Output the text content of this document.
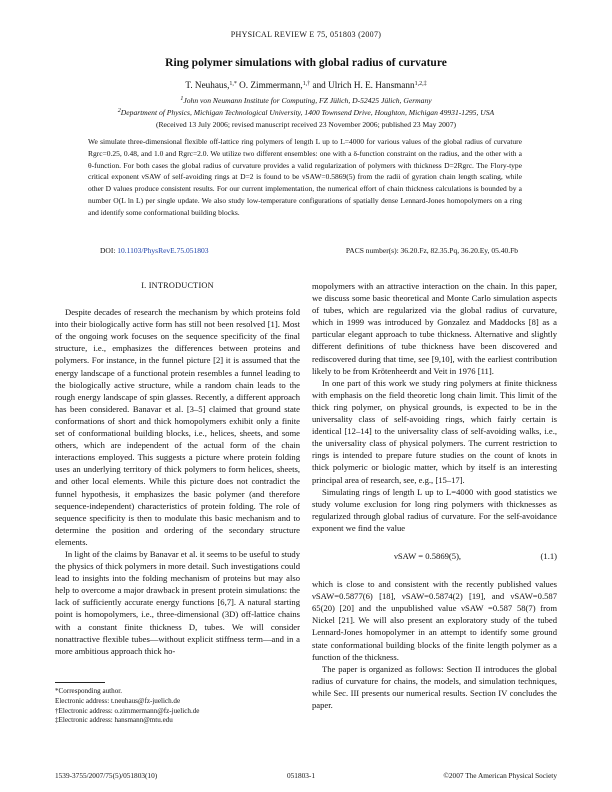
PHYSICAL REVIEW E 75, 051803 (2007)
Ring polymer simulations with global radius of curvature
T. Neuhaus,$^{1,*}$ O. Zimmermann,$^{1,\dagger}$ and Ulrich H. E. Hansmann$^{1,2,\ddagger}$
$^1$John von Neumann Institute for Computing, FZ Jülich, D-52425 Jülich, Germany
$^2$Department of Physics, Michigan Technological University, 1400 Townsend Drive, Houghton, Michigan 49931-1295, USA
(Received 13 July 2006; revised manuscript received 23 November 2006; published 23 May 2007)
We simulate three-dimensional flexible off-lattice ring polymers of length L up to L=4000 for various values of the global radius of curvature Rgrc=0.25, 0.48, and 1.0 and Rgrc=2.0. We utilize two different ensembles: one with a δ-function constraint on the radius, and the other with a θ-function. For both cases the global radius of curvature provides a valid regularization of polymers with thickness D=2Rgrc. The Flory-type critical exponent νSAW of self-avoiding rings at D=2 is found to be νSAW=0.5869(5) from the radii of gyration chain length scaling, while other D values produce consistent results. For our current implementation, the numerical effort of chain thickness calculations is bounded by a number O(L ln L) per single update. We also study low-temperature configurations of spatially dense Lennard-Jones homopolymers on a ring and identify some conformational building blocks.
DOI: 10.1103/PhysRevE.75.051803	PACS number(s): 36.20.Fz, 82.35.Pq, 36.20.Ey, 05.40.Fb
I. INTRODUCTION

Despite decades of research the mechanism by which proteins fold into their biologically active form has still not been resolved [1]. Most of the ongoing work focuses on the sequence specificity of the final structure, i.e., emphasizes the differences between proteins and polymers. For instance, in the funnel picture [2] it is assumed that the energy landscape of a functional protein resembles a funnel leading to the biologically active structure, while a random chain leads to the rough energy landscape of spin glasses. Recently, a different approach has been considered. Banavar et al. [3–5] claimed that ground state conformations of short and thick homopolymers exhibit only a finite set of conformational building blocks, i.e., helices, sheets, and some others, which are independent of the actual form of the chain interactions employed. This suggests a picture where protein folding uses an underlying territory of thick polymers to form helices, sheets, and other local elements. While this picture does not contradict the funnel hypothesis, it emphasizes the basic polymer (and therefore sequence-independent) characteristics of protein folding. The role of sequence specificity is then to modulate this basic mechanism and to determine the position and ordering of the secondary structure elements.

In light of the claims by Banavar et al. it seems to be useful to study the physics of thick polymers in more detail. Such investigations could lead to insights into the folding mechanism of proteins but may also help to overcome a major drawback in present protein simulations: the lack of sufficiently accurate energy functions [6,7]. A natural starting point is homopolymers, i.e., three-dimensional (3D) off-lattice chains with a constant finite thickness D, tubes. We will consider nonattractive flexible tubes—without explicit stiffness term—and in a more ambitious approach thick ho-

mopolymers with an attractive interaction on the chain. In this paper, we discuss some basic theoretical and Monte Carlo simulation aspects of tubes, which are regularized via the global radius of curvature, which in 1999 was introduced by Gonzalez and Maddocks [8] as a particular elegant approach to tube thickness. Alternative and slightly different definitions of tube thickness have been discovered and rediscovered during that time, see [9,10], with the earliest contribution likely to be from Krötenheerdt and Veit in 1976 [11].

In one part of this work we study ring polymers at finite thickness with emphasis on the field theoretic long chain limit. This limit of the thick ring polymer, on physical grounds, is expected to be in the universality class of self-avoiding rings, which fairly certain is identical [12–14] to the universality class of self-avoiding walks, i.e., the universality class of physical polymers. The current restriction to rings is intended to prepare future studies on the count of knots in thick polymeric or biologic matter, which by itself is an interesting principal area of research, see, e.g., [15–17].

Simulating rings of length L up to L=4000 with good statistics we study volume exclusion for long ring polymers with thicknesses as regularized through global radius of curvature. For the self-avoidance exponent we find the value

νSAW = 0.5869(5),	(1.1)

which is close to and consistent with the recently published values νSAW=0.5877(6) [18], νSAW=0.5874(2) [19], and νSAW=0.587 65(20) [20] and the unpublished value νSAW =0.587 58(7) from Nickel [21]. We will also present an exploratory study of the tubed Lennard-Jones homopolymer in an attempt to identify some ground state conformational building blocks of the finite length polymer as a function of the thickness.

The paper is organized as follows: Section II introduces the global radius of curvature for chains, the models, and simulation techniques, while Sec. III presents our numerical results. Section IV concludes the paper.

*Corresponding author.
Electronic address: t.neuhaus@fz-juelich.de
†Electronic address: o.zimmermann@fz-juelich.de
‡Electronic address: hansmann@mtu.edu
1539-3755/2007/75(5)/051803(10)	051803-1	©2007 The American Physical Society
